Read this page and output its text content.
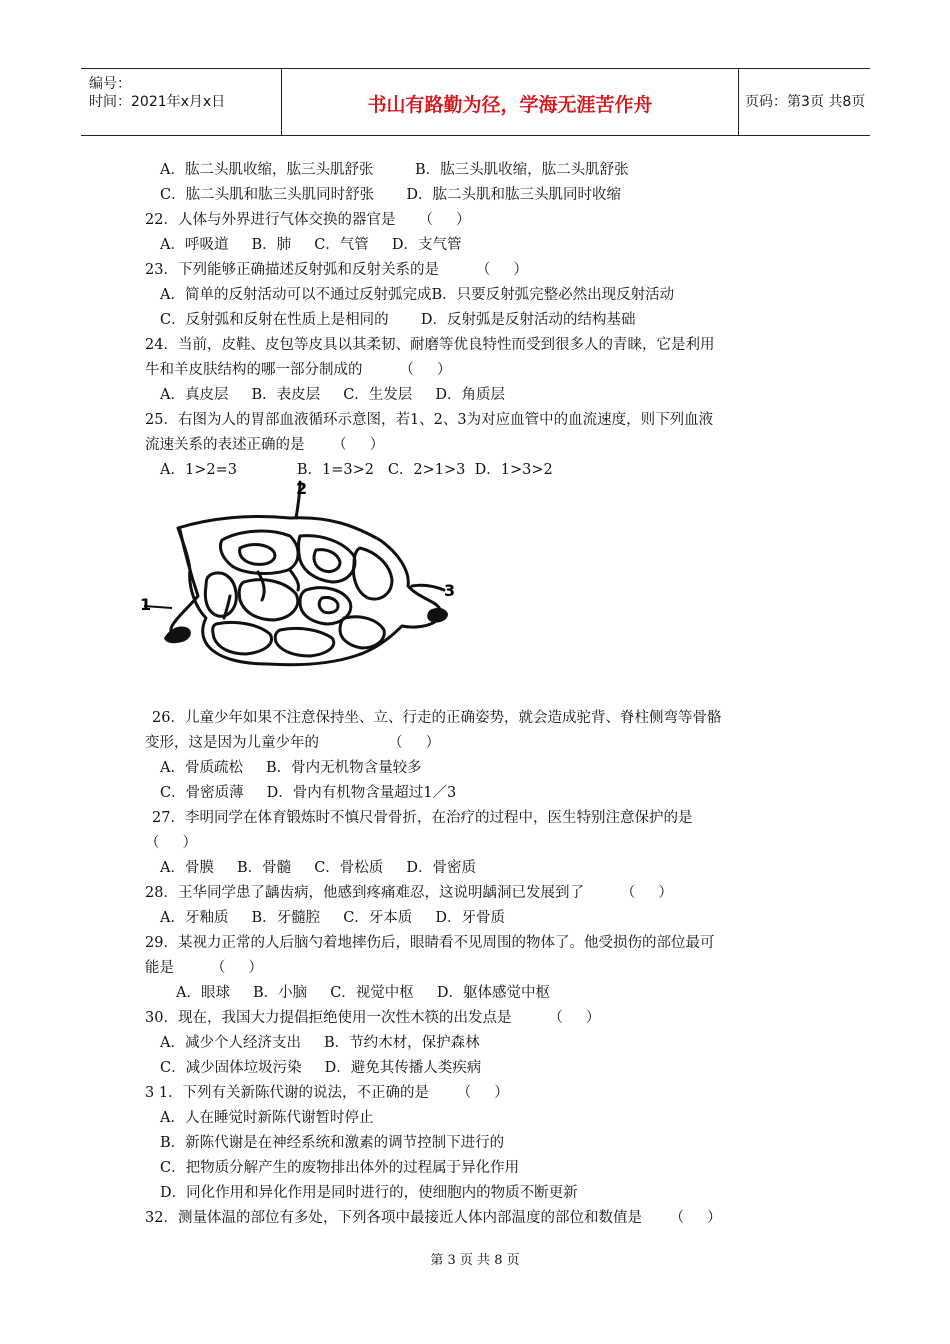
编号：
时间：2021年x月x日	书山有路勤为径，学海无涯苦作舟	页码：第3页 共8页
A．肱二头肌收缩，肱三头肌舒张         B．肱三头肌收缩，肱二头肌舒张
C．肱二头肌和肱三头肌同时舒张       D．肱二头肌和肱三头肌同时收缩
22．人体与外界进行气体交换的器官是     （     ）
A．呼吸道     B．肺     C．气管     D．支气管
23．下列能够正确描述反射弧和反射关系的是        （     ）
A．简单的反射活动可以不通过反射弧完成B．只要反射弧完整必然出现反射活动
C．反射弧和反射在性质上是相同的       D．反射弧是反射活动的结构基础
24．当前，皮鞋、皮包等皮具以其柔韧、耐磨等优良特性而受到很多人的青睐，它是利用
牛和羊皮肤结构的哪一部分制成的        （     ）
A．真皮层     B．表皮层     C．生发层     D．角质层
25．右图为人的胃部血液循环示意图，若1、2、3为对应血管中的血流速度，则下列血液
流速关系的表述正确的是      （     ）
A．1>2=3             B．1=3>2   C．2>1>3  D．1>3>2
2
1
3
26．儿童少年如果不注意保持坐、立、行走的正确姿势，就会造成驼背、脊柱侧弯等骨骼
变形，这是因为儿童少年的               （     ）
A．骨质疏松     B．骨内无机物含量较多
C．骨密质薄     D．骨内有机物含量超过1／3
27．李明同学在体育锻炼时不慎尺骨骨折，在治疗的过程中，医生特别注意保护的是
（     ）
A．骨膜     B．骨髓     C．骨松质     D．骨密质
28．王华同学患了龋齿病，他感到疼痛难忍，这说明龋洞已发展到了        （     ）
A．牙釉质     B．牙髓腔     C．牙本质     D．牙骨质
29．某视力正常的人后脑勺着地摔伤后，眼睛看不见周围的物体了。他受损伤的部位最可
能是        （     ）
A．眼球     B．小脑     C．视觉中枢     D．躯体感觉中枢
30．现在，我国大力提倡拒绝使用一次性木筷的出发点是        （     ）
A．减少个人经济支出     B．节约木材，保护森林
C．减少固体垃圾污染     D．避免其传播人类疾病
3 1．下列有关新陈代谢的说法，不正确的是      （     ）
A．人在睡觉时新陈代谢暂时停止
B．新陈代谢是在神经系统和激素的调节控制下进行的
C．把物质分解产生的废物排出体外的过程属于异化作用
D．同化作用和异化作用是同时进行的，使细胞内的物质不断更新
32．测量体温的部位有多处，下列各项中最接近人体内部温度的部位和数值是      （     ）
第 3 页 共 8 页
